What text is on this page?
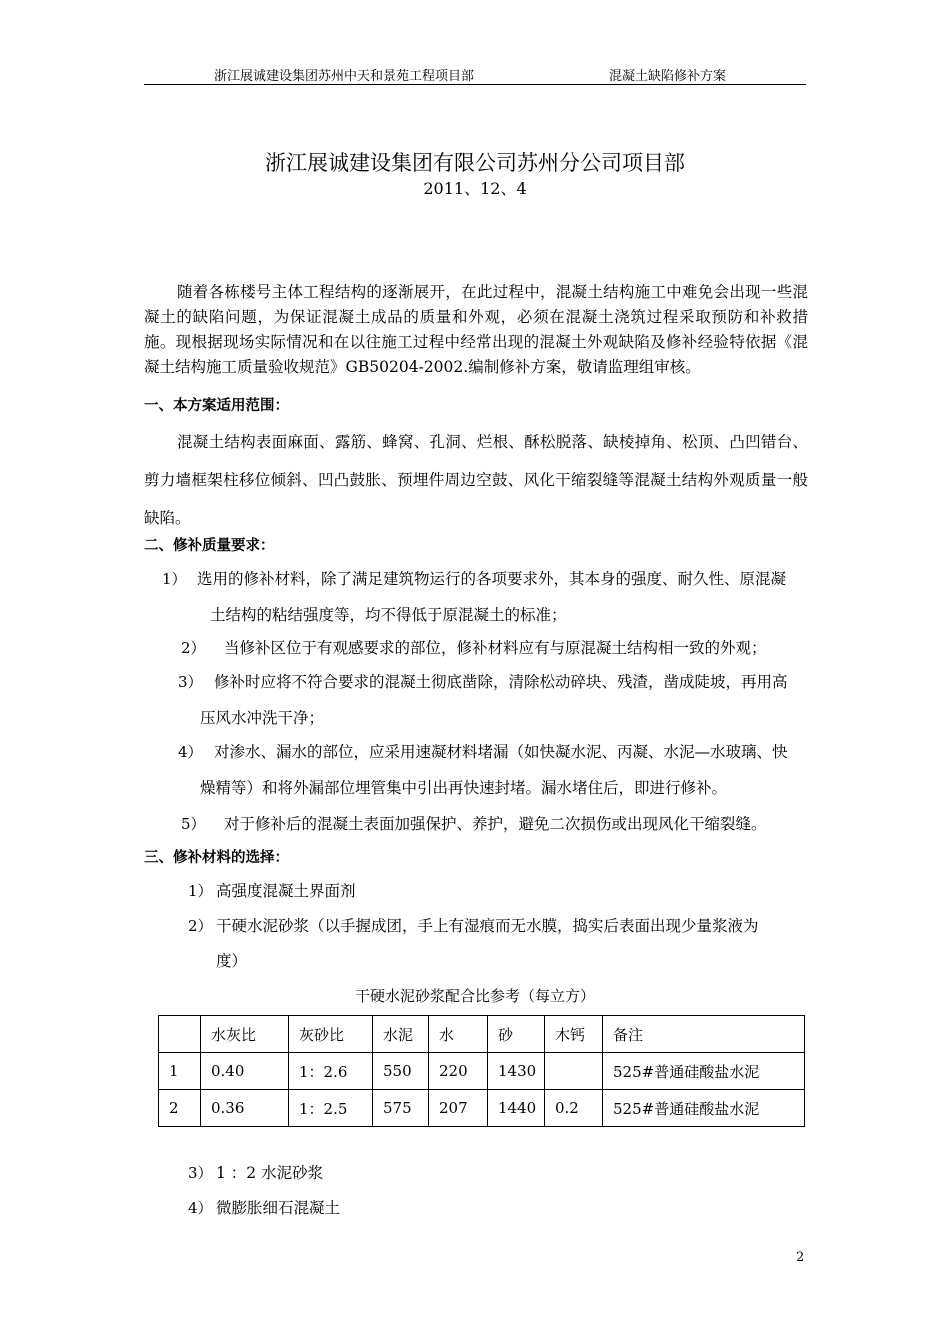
浙江展诚建设集团苏州中天和景苑工程项目部	混凝土缺陷修补方案
浙江展诚建设集团有限公司苏州分公司项目部
2011、12、4

随着各栋楼号主体工程结构的逐渐展开，在此过程中，混凝土结构施工中难免会出现一些混凝土的缺陷问题，为保证混凝土成品的质量和外观，必须在混凝土浇筑过程采取预防和补救措施。现根据现场实际情况和在以往施工过程中经常出现的混凝土外观缺陷及修补经验特依据《混凝土结构施工质量验收规范》GB50204-2002.编制修补方案，敬请监理组审核。

一、本方案适用范围：

混凝土结构表面麻面、露筋、蜂窝、孔洞、烂根、酥松脱落、缺棱掉角、松顶、凸凹错台、剪力墙框架柱移位倾斜、凹凸鼓胀、预埋件周边空鼓、风化干缩裂缝等混凝土结构外观质量一般缺陷。

二、修补质量要求：

1） 选用的修补材料，除了满足建筑物运行的各项要求外，其本身的强度、耐久性、原混凝
土结构的粘结强度等，均不得低于原混凝土的标准；
2） 当修补区位于有观感要求的部位，修补材料应有与原混凝土结构相一致的外观；
3） 修补时应将不符合要求的混凝土彻底凿除，清除松动碎块、残渣，凿成陡坡，再用高
压风水冲洗干净；
4） 对渗水、漏水的部位，应采用速凝材料堵漏（如快凝水泥、丙凝、水泥—水玻璃、快
燥精等）和将外漏部位埋管集中引出再快速封堵。漏水堵住后，即进行修补。
5） 对于修补后的混凝土表面加强保护、养护，避免二次损伤或出现风化干缩裂缝。

三、修补材料的选择：

1） 高强度混凝土界面剂
2） 干硬水泥砂浆（以手握成团，手上有湿痕而无水膜，捣实后表面出现少量浆液为
度）
干硬水泥砂浆配合比参考（每立方）
	水灰比	灰砂比	水泥	水	砂	木钙	备注
1	0.40	1：2.6	550	220	1430		525#普通硅酸盐水泥
2	0.36	1：2.5	575	207	1440	0.2	525#普通硅酸盐水泥
3） 1 ：2 水泥砂浆
4） 微膨胀细石混凝土
2
